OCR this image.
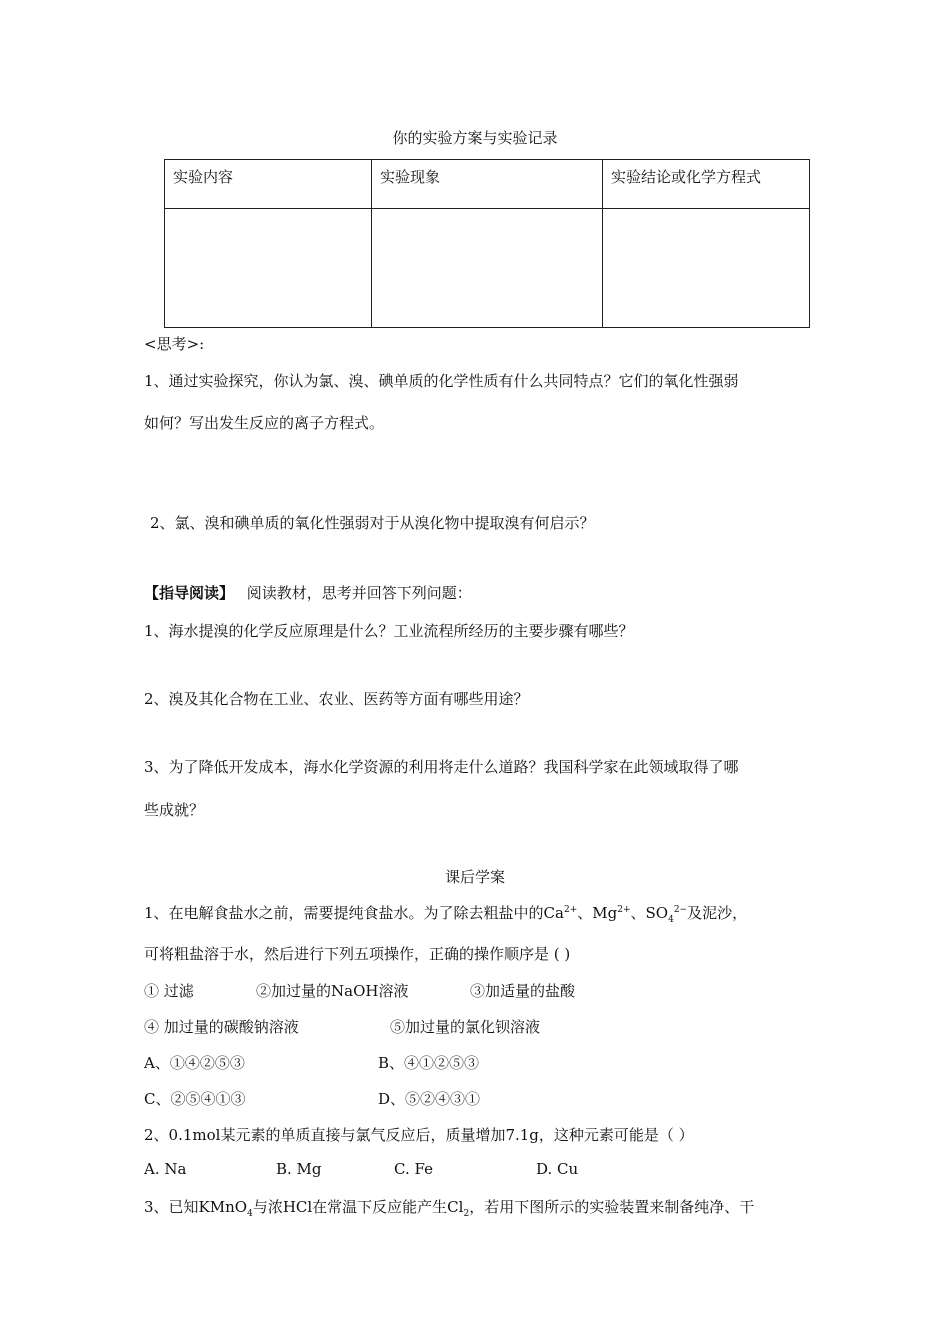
你的实验方案与实验记录
实验内容	实验现象	实验结论或化学方程式

<思考>:
1、通过实验探究，你认为氯、溴、碘单质的化学性质有什么共同特点？它们的氧化性强弱
如何？写出发生反应的离子方程式。
2、氯、溴和碘单质的氧化性强弱对于从溴化物中提取溴有何启示？
【指导阅读】 阅读教材，思考并回答下列问题：
1、海水提溴的化学反应原理是什么？工业流程所经历的主要步骤有哪些？
2、溴及其化合物在工业、农业、医药等方面有哪些用途？
3、为了降低开发成本，海水化学资源的利用将走什么道路？我国科学家在此领域取得了哪
些成就？
课后学案
1、在电解食盐水之前，需要提纯食盐水。为了除去粗盐中的$Ca^{2+}$、$Mg^{2+}$、$SO_4^{2-}$及泥沙，
可将粗盐溶于水，然后进行下列五项操作，正确的操作顺序是 ( )
① 过滤	②加过量的NaOH溶液	③加适量的盐酸
④ 加过量的碳酸钠溶液	⑤加过量的氯化钡溶液
A、①④②⑤③	B、④①②⑤③
C、②⑤④①③	D、⑤②④③①
2、0.1mol某元素的单质直接与氯气反应后，质量增加7.1g，这种元素可能是（ ）
A. Na	B. Mg	C. Fe	D. Cu
3、已知KMnO$_4$与浓HCl在常温下反应能产生$Cl_2$，若用下图所示的实验装置来制备纯净、干
